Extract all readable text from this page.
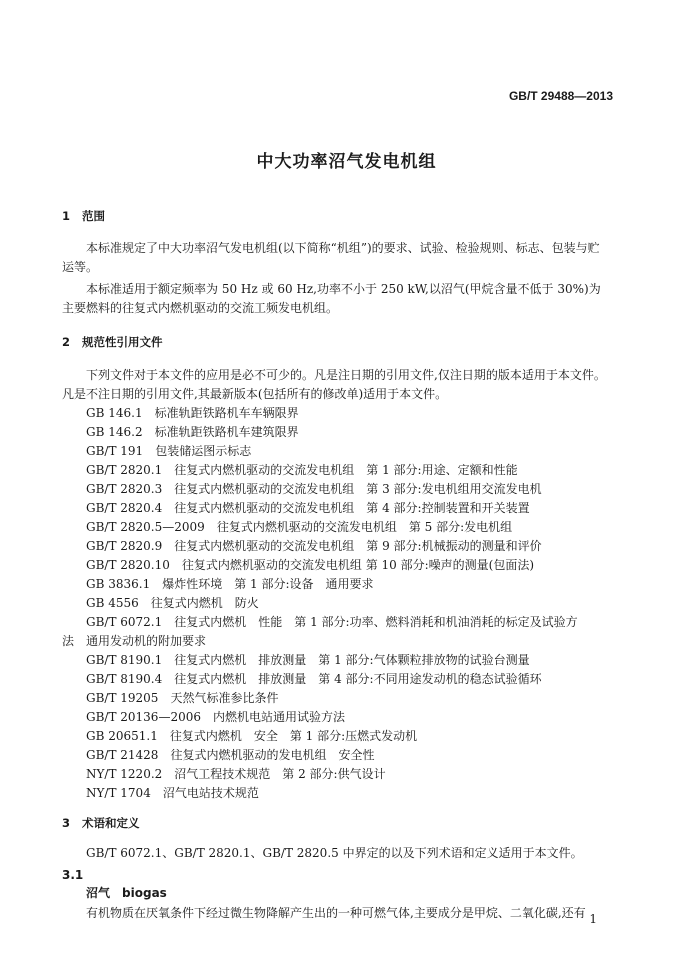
GB/T 29488—2013
中大功率沼气发电机组
1 范围
本标准规定了中大功率沼气发电机组(以下简称“机组”)的要求、试验、检验规则、标志、包装与贮
运等。
本标准适用于额定频率为 50 Hz 或 60 Hz,功率不小于 250 kW,以沼气(甲烷含量不低于 30%)为
主要燃料的往复式内燃机驱动的交流工频发电机组。
2 规范性引用文件
下列文件对于本文件的应用是必不可少的。凡是注日期的引用文件,仅注日期的版本适用于本文件。
凡是不注日期的引用文件,其最新版本(包括所有的修改单)适用于本文件。
GB 146.1　 标准轨距铁路机车车辆限界
GB 146.2　 标准轨距铁路机车建筑限界
GB/T 191　 包装储运图示标志
GB/T 2820.1　 往复式内燃机驱动的交流发电机组　第 1 部分:用途、定额和性能
GB/T 2820.3　 往复式内燃机驱动的交流发电机组　第 3 部分:发电机组用交流发电机
GB/T 2820.4　 往复式内燃机驱动的交流发电机组　第 4 部分:控制装置和开关装置
GB/T 2820.5—2009　 往复式内燃机驱动的交流发电机组　第 5 部分:发电机组
GB/T 2820.9　 往复式内燃机驱动的交流发电机组　第 9 部分:机械振动的测量和评价
GB/T 2820.10　 往复式内燃机驱动的交流发电机组 第 10 部分:噪声的测量(包面法)
GB 3836.1　 爆炸性环境　第 1 部分:设备　通用要求
GB 4556　 往复式内燃机　防火
GB/T 6072.1　 往复式内燃机　性能　第 1 部分:功率、燃料消耗和机油消耗的标定及试验方
法　通用发动机的附加要求
GB/T 8190.1　 往复式内燃机　排放测量　第 1 部分:气体颗粒排放物的试验台测量
GB/T 8190.4　 往复式内燃机　排放测量　第 4 部分:不同用途发动机的稳态试验循环
GB/T 19205　 天然气标准参比条件
GB/T 20136—2006　 内燃机电站通用试验方法
GB 20651.1　 往复式内燃机　安全　第 1 部分:压燃式发动机
GB/T 21428　 往复式内燃机驱动的发电机组　安全性
NY/T 1220.2　 沼气工程技术规范　第 2 部分:供气设计
NY/T 1704　 沼气电站技术规范
3 术语和定义
GB/T 6072.1、GB/T 2820.1、GB/T 2820.5 中界定的以及下列术语和定义适用于本文件。
3.1
沼气　 biogas
有机物质在厌氧条件下经过微生物降解产生出的一种可燃气体,主要成分是甲烷、二氧化碳,还有 1
